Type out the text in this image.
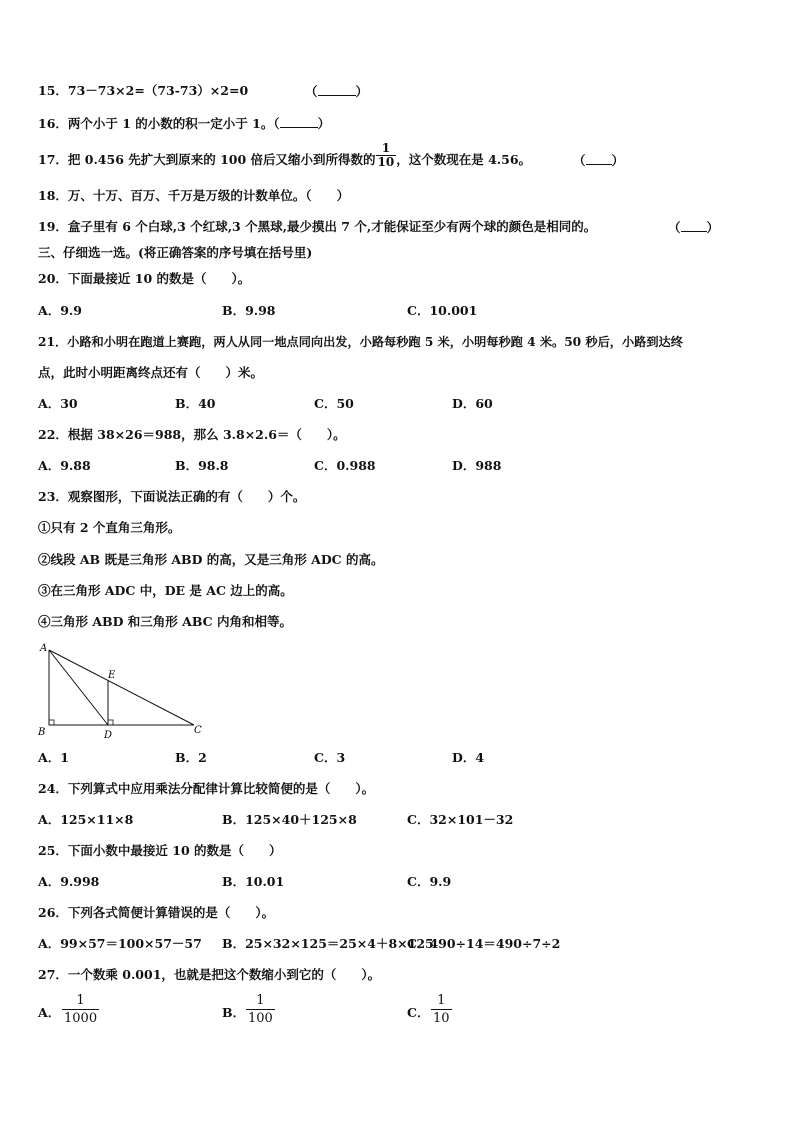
15．73－73×2=（73-73）×2=0	（	）
16．两个小于 1 的小数的积一定小于 1。（	）
17．把 0.456 先扩大到原来的 100 倍后又缩小到所得数的 $\frac{1}{10}$ ，这个数现在是 4.56。	（ ）
18．万、十万、百万、千万是万级的计数单位。（　　）
19．盒子里有 6 个白球,3 个红球,3 个黑球,最少摸出 7 个,才能保证至少有两个球的颜色是相同的。	（ ）
三、仔细选一选。(将正确答案的序号填在括号里)
20．下面最接近 10 的数是（　　）。
A．9.9	B．9.98	C．10.001
21．小路和小明在跑道上赛跑，两人从同一地点同向出发，小路每秒跑 5 米，小明每秒跑 4 米。50 秒后，小路到达终
点，此时小明距离终点还有（　　）米。
A．30	B．40	C．50	D．60
22．根据 38×26＝988，那么 3.8×2.6＝（　　）。
A．9.88	B．98.8	C．0.988	D．988
23．观察图形，下面说法正确的有（　　）个。
①只有 2 个直角三角形。
②线段 AB 既是三角形 ABD 的高，又是三角形 ADC 的高。
③在三角形 ADC 中，DE 是 AC 边上的高。
④三角形 ABD 和三角形 ABC 内角和相等。
A
B	C
D
E
A．1	B．2	C．3	D．4
24．下列算式中应用乘法分配律计算比较简便的是（　　）。
A．125×11×8	B．125×40＋125×8	C．32×101－32
25．下面小数中最接近 10 的数是（　　）
A．9.998	B．10.01	C．9.9
26．下列各式简便计算错误的是（　　）。
A．99×57＝100×57－57 B．25×32×125＝25×4＋8×125
C．490÷14＝490÷7÷2
27．一个数乘 0.001，也就是把这个数缩小到它的（　　）。
A． $\frac{1}{1000}$	B． $\frac{1}{100}$	C． $\frac{1}{10}$
